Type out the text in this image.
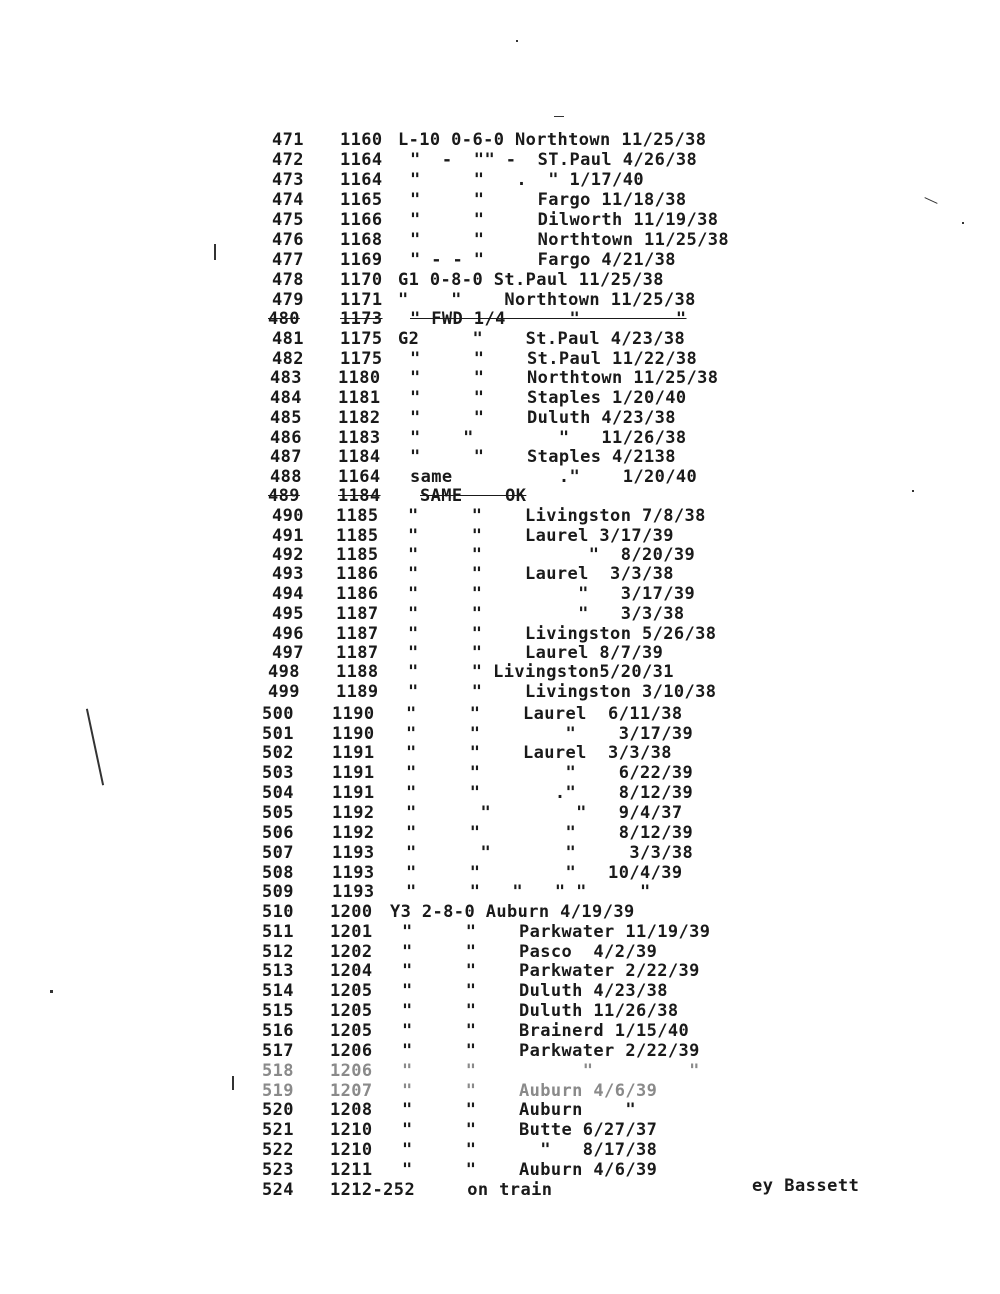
471 1160 L-10 0-6-0 Northtown 11/25/38
472 1164 "  -  "" -  ST.Paul 4/26/38
473 1164 "     "   .  " 1/17/40
474 1165 "     "     Fargo 11/18/38
475 1166 "     "     Dilworth 11/19/38
476 1168 "     "     Northtown 11/25/38
477 1169 " - - "     Fargo 4/21/38
478 1170 G1 0-8-0 St.Paul 11/25/38
479 1171 "    "    Northtown 11/25/38
480 1173 " FWD 1/4      "         "
481 1175 G2     "    St.Paul 4/23/38
482 1175 "     "    St.Paul 11/22/38
483 1180 "     "    Northtown 11/25/38
484 1181 "     "    Staples 1/20/40
485 1182 "     "    Duluth 4/23/38
486 1183 "    "        "   11/26/38
487 1184 "     "    Staples 4/2138
488 1164 same          ."    1/20/40
489 1184 SAME    OK
490 1185 "     "    Livingston 7/8/38
491 1185 "     "    Laurel 3/17/39
492 1185 "     "          "  8/20/39
493 1186 "     "    Laurel  3/3/38
494 1186 "     "         "   3/17/39
495 1187 "     "         "   3/3/38
496 1187 "     "    Livingston 5/26/38
497 1187 "     "    Laurel 8/7/39
498 1188 "     " Livingston5/20/31
499 1189 "     "    Livingston 3/10/38
500 1190 "     "    Laurel  6/11/38
501 1190 "     "        "    3/17/39
502 1191 "     "    Laurel  3/3/38
503 1191 "     "        "    6/22/39
504 1191 "     "       ."    8/12/39
505 1192 "      "        "   9/4/37
506 1192 "     "        "    8/12/39
507 1193 "      "       "     3/3/38
508 1193 "     "        "   10/4/39
509 1193 "     "   "   " "     "
510 1200 Y3 2-8-0 Auburn 4/19/39
511 1201 "     "    Parkwater 11/19/39
512 1202 "     "    Pasco  4/2/39
513 1204 "     "    Parkwater 2/22/39
514 1205 "     "    Duluth 4/23/38
515 1205 "     "    Duluth 11/26/38
516 1205 "     "    Brainerd 1/15/40
517 1206 "     "    Parkwater 2/22/39
518 1206 "     "          "         "
519 1207 "     "    Auburn 4/6/39
520 1208 "     "    Auburn    "
521 1210 "     "    Butte 6/27/37
522 1210 "     "      "   8/17/38
523 1211 "     "    Auburn 4/6/39
524 1212-252 on train	ey Bassett
